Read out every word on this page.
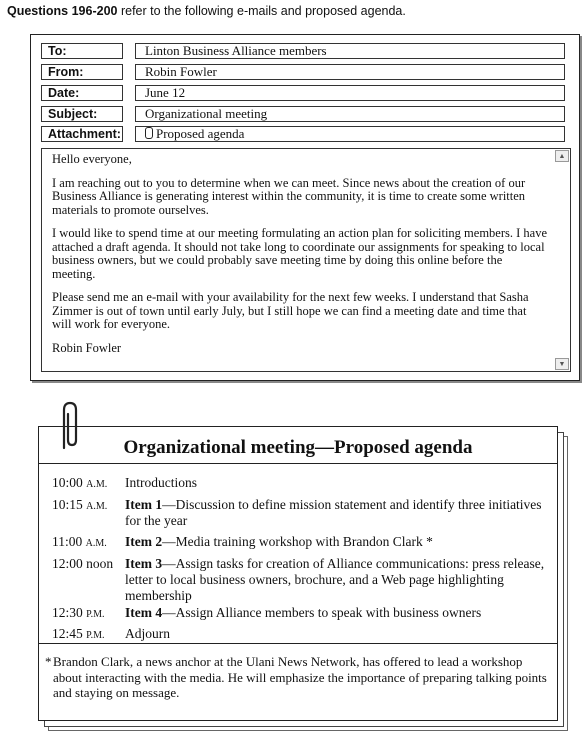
Questions 196-200 refer to the following e-mails and proposed agenda.
To:	Linton Business Alliance members
From:	Robin Fowler
Date:	June 12
Subject:	Organizational meeting
Attachment:	Proposed agenda

Hello everyone,

I am reaching out to you to determine when we can meet. Since news about the creation of our Business Alliance is generating interest within the community, it is time to create some written materials to promote ourselves.

I would like to spend time at our meeting formulating an action plan for soliciting members. I have attached a draft agenda. It should not take long to coordinate our assignments for speaking to local business owners, but we could probably save meeting time by doing this online before the meeting.

Please send me an e-mail with your availability for the next few weeks. I understand that Sasha Zimmer is out of town until early July, but I still hope we can find a meeting date and time that will work for everyone.

Robin Fowler

▲
▼
Organizational meeting—Proposed agenda
10:00 A.M. Introductions
10:15 A.M. Item 1—Discussion to define mission statement and identify three initiatives for the year
11:00 A.M. Item 2—Media training workshop with Brandon Clark *
12:00 noon Item 3—Assign tasks for creation of Alliance communications: press release, letter to local business owners, brochure, and a Web page highlighting membership
12:30 P.M. Item 4—Assign Alliance members to speak with business owners
12:45 P.M. Adjourn
* Brandon Clark, a news anchor at the Ulani News Network, has offered to lead a workshop about interacting with the media. He will emphasize the importance of preparing talking points and staying on message.
